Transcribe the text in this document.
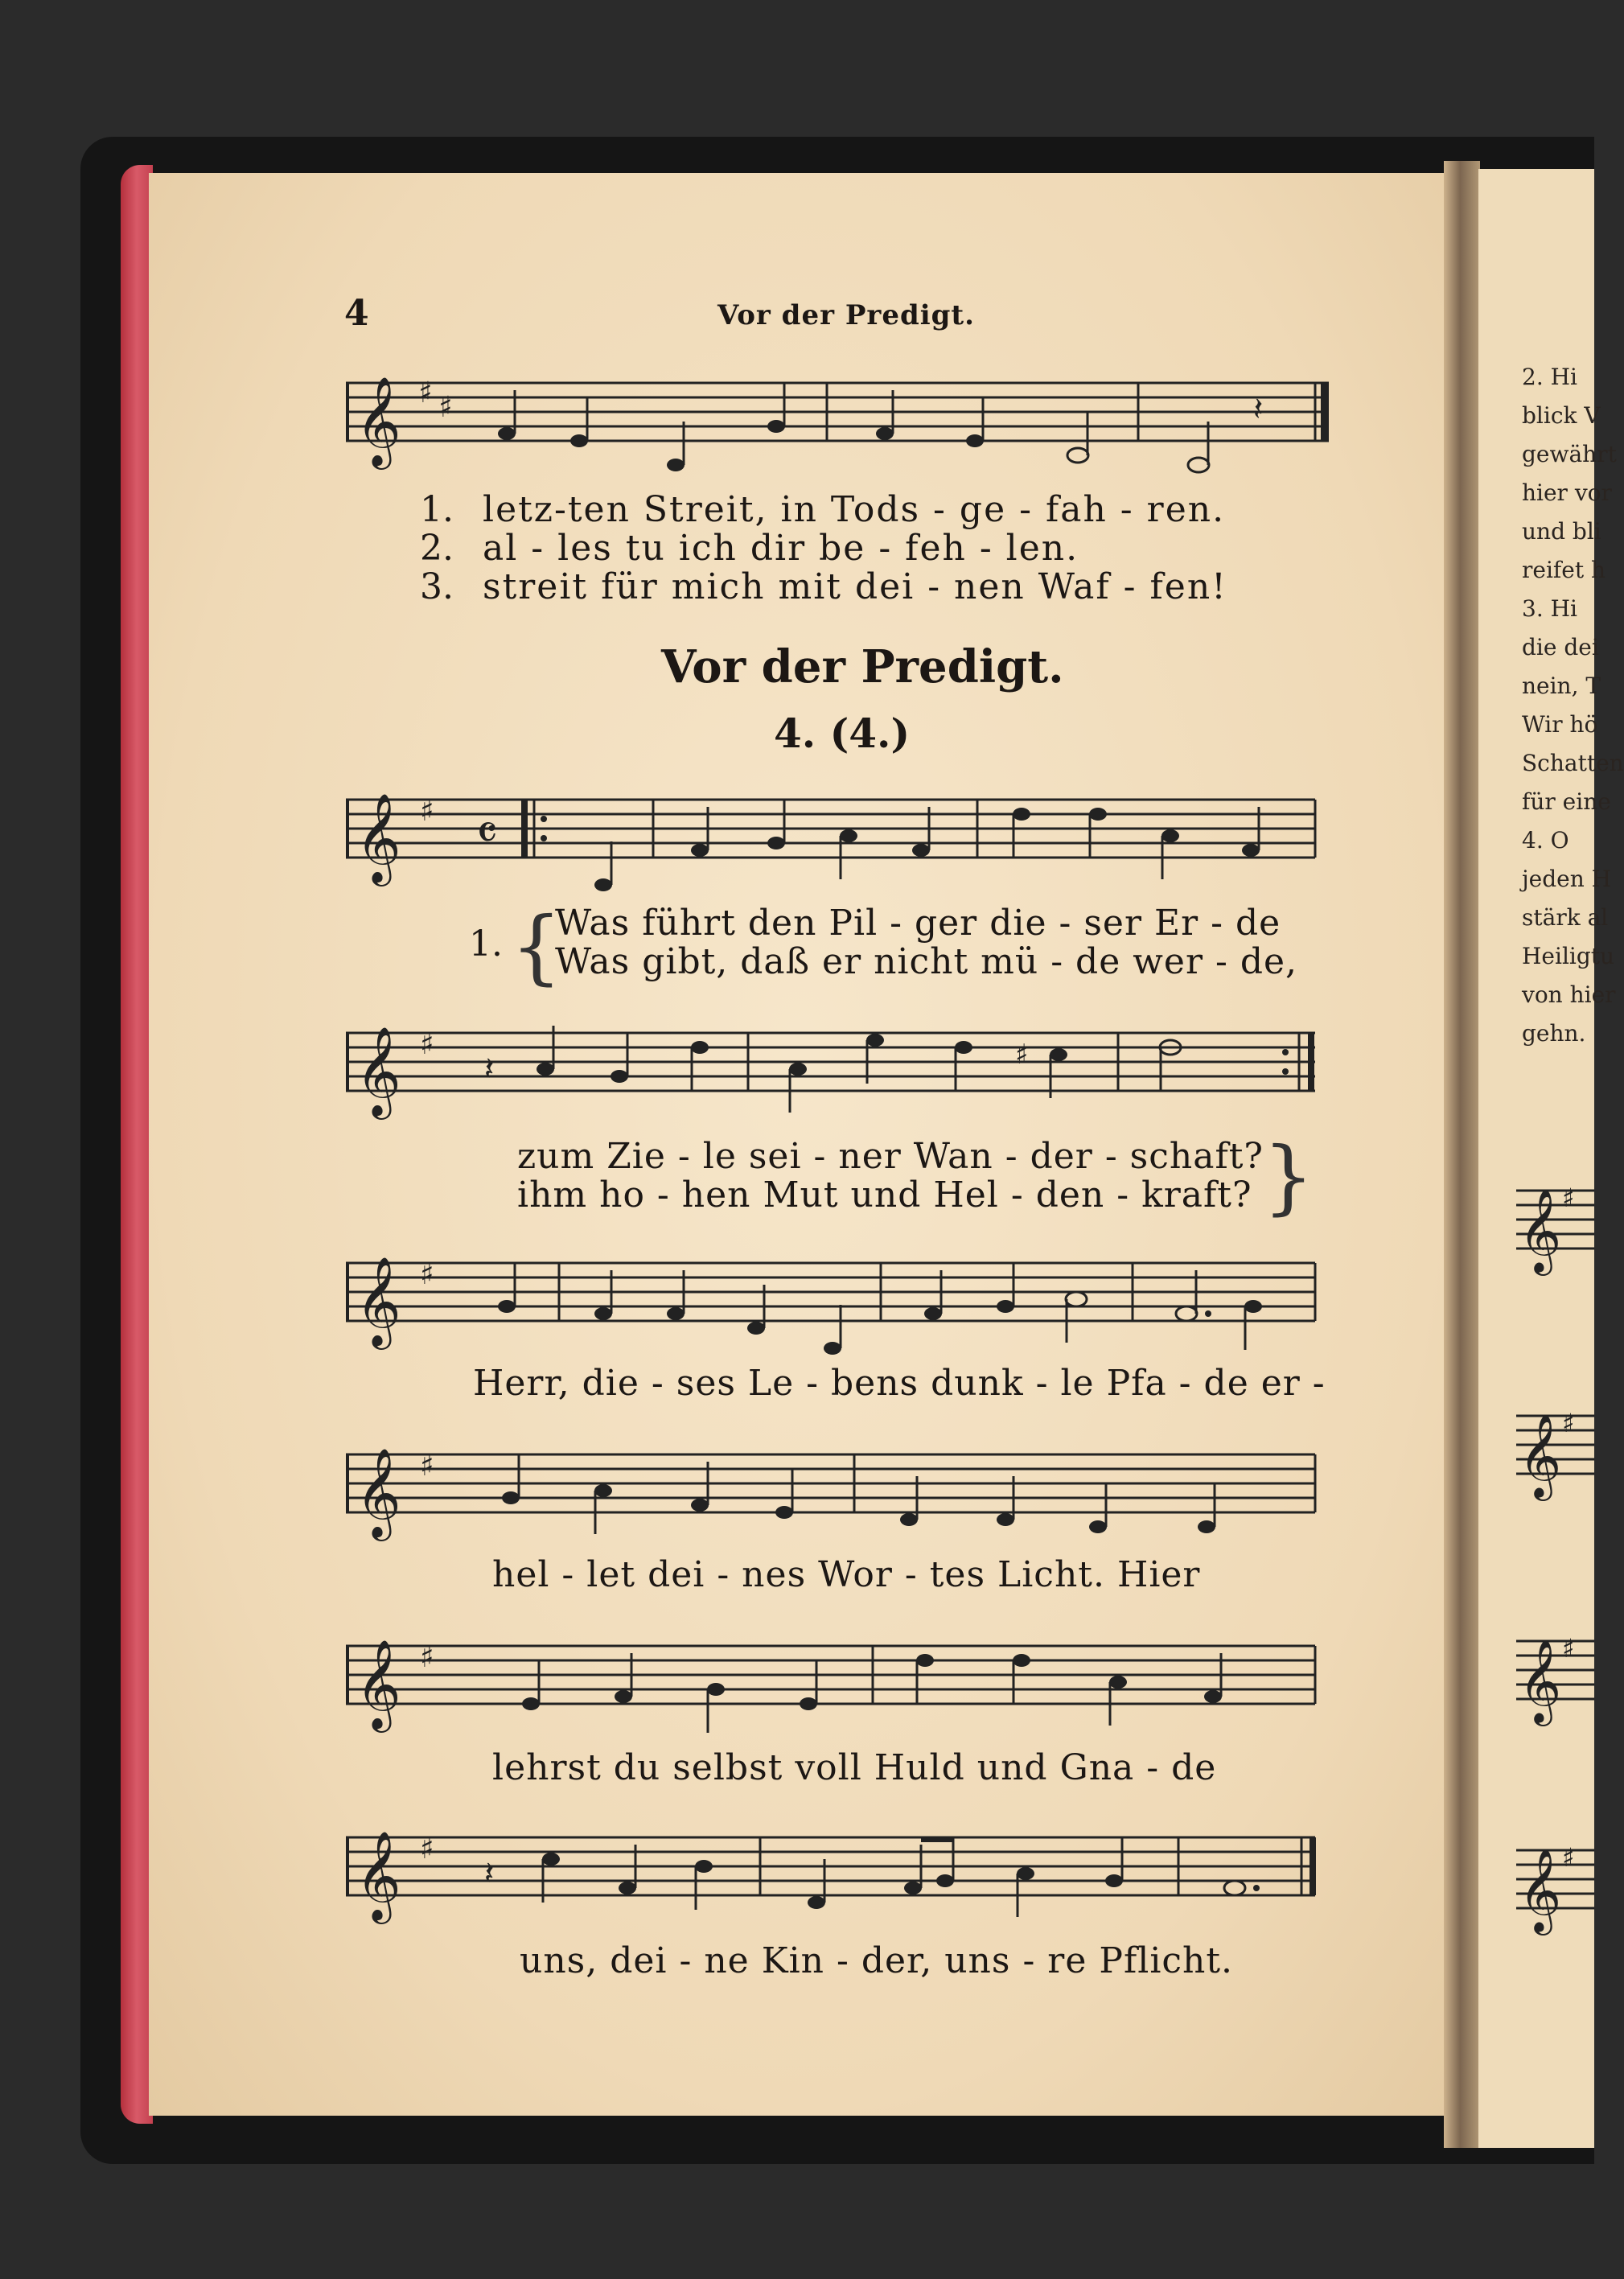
4	Vor der Predigt.
𝄞 ♯ ♯	𝄽
1. letz-ten Streit, in Tods - ge - fah - ren.
2. al - les tu ich dir be - feh - len.
3. streit für mich mit dei - nen Waf - fen!
Vor der Predigt.
4. (4.)
𝄞 ♯ 𝄴
1. {
Was führt den Pil - ger die - ser Er - de
Was gibt, daß er nicht mü - de wer - de,
𝄞 ♯
𝄽	♯
zum Zie - le sei - ner Wan - der - schaft?
ihm ho - hen Mut und Hel - den - kraft? }
𝄞 ♯
Herr, die - ses Le - bens dunk - le Pfa - de er -
𝄞 ♯
hel - let dei - nes Wor - tes Licht. Hier
𝄞 ♯
lehrst du selbst voll Huld und Gna - de
𝄞 ♯
𝄽
uns, dei - ne Kin - der, uns - re Pflicht.
2. Hi
blick V
gewährt
hier vor
und bli
reifet h
3. Hi
die dei
nein, T
Wir hö
Schatten
für eine
4. O
jeden H
stärk al
Heiligtu
von hier
gehn.
𝄞
𝄞
𝄞
𝄞
♯
♯
♯
♯
